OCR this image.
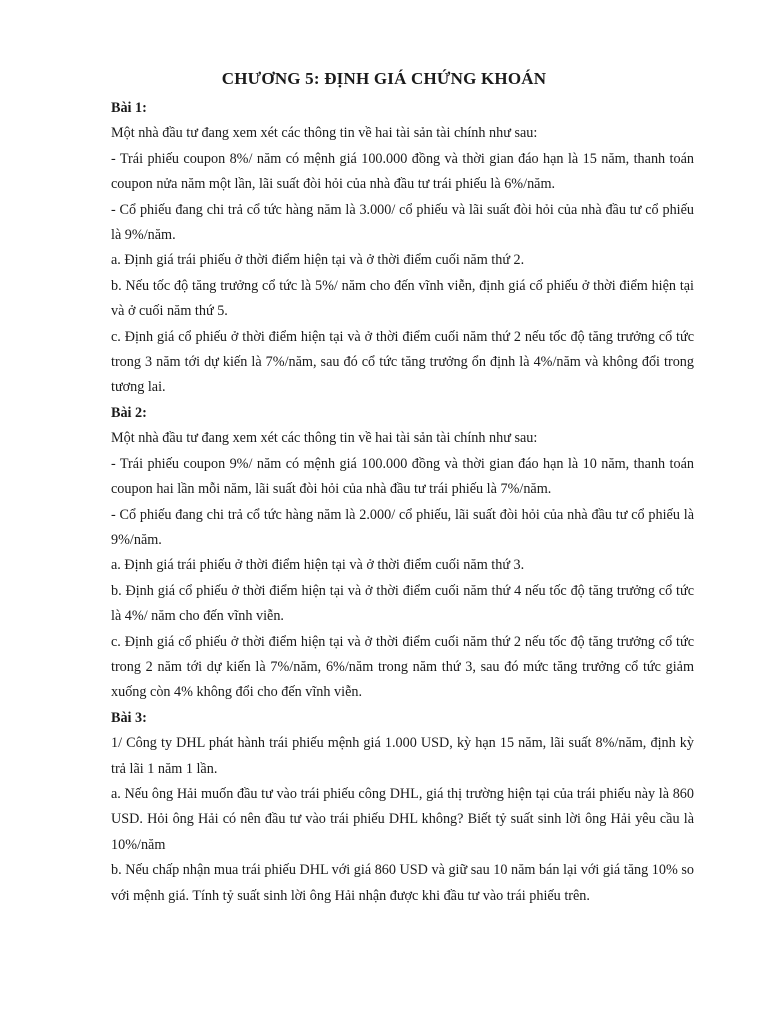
CHƯƠNG 5: ĐỊNH GIÁ CHỨNG KHOÁN

Bài 1:

Một nhà đầu tư đang xem xét các thông tin về hai tài sản tài chính như sau:

- Trái phiếu coupon 8%/ năm có mệnh giá 100.000 đồng và thời gian đáo hạn là 15 năm, thanh toán coupon nửa năm một lần, lãi suất đòi hỏi của nhà đầu tư trái phiếu là 6%/năm.

- Cổ phiếu đang chi trả cổ tức hàng năm là 3.000/ cổ phiếu và lãi suất đòi hỏi của nhà đầu tư cổ phiếu là 9%/năm.

a. Định giá trái phiếu ở thời điểm hiện tại và ở thời điểm cuối năm thứ 2.

b. Nếu tốc độ tăng trưởng cổ tức là 5%/ năm cho đến vĩnh viễn, định giá cổ phiếu ở thời điểm hiện tại và ở cuối năm thứ 5.

c. Định giá cổ phiếu ở thời điểm hiện tại và ở thời điểm cuối năm thứ 2 nếu tốc độ tăng trưởng cổ tức trong 3 năm tới dự kiến là 7%/năm, sau đó cổ tức tăng trưởng ổn định là 4%/năm và không đổi trong tương lai.

Bài 2:

Một nhà đầu tư đang xem xét các thông tin về hai tài sản tài chính như sau:

- Trái phiếu coupon 9%/ năm có mệnh giá 100.000 đồng và thời gian đáo hạn là 10 năm, thanh toán coupon hai lần mỗi năm, lãi suất đòi hỏi của nhà đầu tư trái phiếu là 7%/năm.

- Cổ phiếu đang chi trả cổ tức hàng năm là 2.000/ cổ phiếu, lãi suất đòi hỏi của nhà đầu tư cổ phiếu là 9%/năm.

a. Định giá trái phiếu ở thời điểm hiện tại và ở thời điểm cuối năm thứ 3.

b. Định giá cổ phiếu ở thời điểm hiện tại và ở thời điểm cuối năm thứ 4 nếu tốc độ tăng trưởng cổ tức là 4%/ năm cho đến vĩnh viễn.

c. Định giá cổ phiếu ở thời điểm hiện tại và ở thời điểm cuối năm thứ 2 nếu tốc độ tăng trưởng cổ tức trong 2 năm tới dự kiến là 7%/năm, 6%/năm trong năm thứ 3, sau đó mức tăng trưởng cổ tức giảm xuống còn 4% không đổi cho đến vĩnh viễn.

Bài 3:

1/ Công ty DHL phát hành trái phiếu mệnh giá 1.000 USD, kỳ hạn 15 năm, lãi suất 8%/năm, định kỳ trả lãi 1 năm 1 lần.

a. Nếu ông Hải muốn đầu tư vào trái phiếu công DHL, giá thị trường hiện tại của trái phiếu này là 860 USD. Hỏi ông Hải có nên đầu tư vào trái phiếu DHL không? Biết tỷ suất sinh lời ông Hải yêu cầu là 10%/năm

b. Nếu chấp nhận mua trái phiếu DHL với giá 860 USD và giữ sau 10 năm bán lại với giá tăng 10% so với mệnh giá. Tính tỷ suất sinh lời ông Hải nhận được khi đầu tư vào trái phiếu trên.
